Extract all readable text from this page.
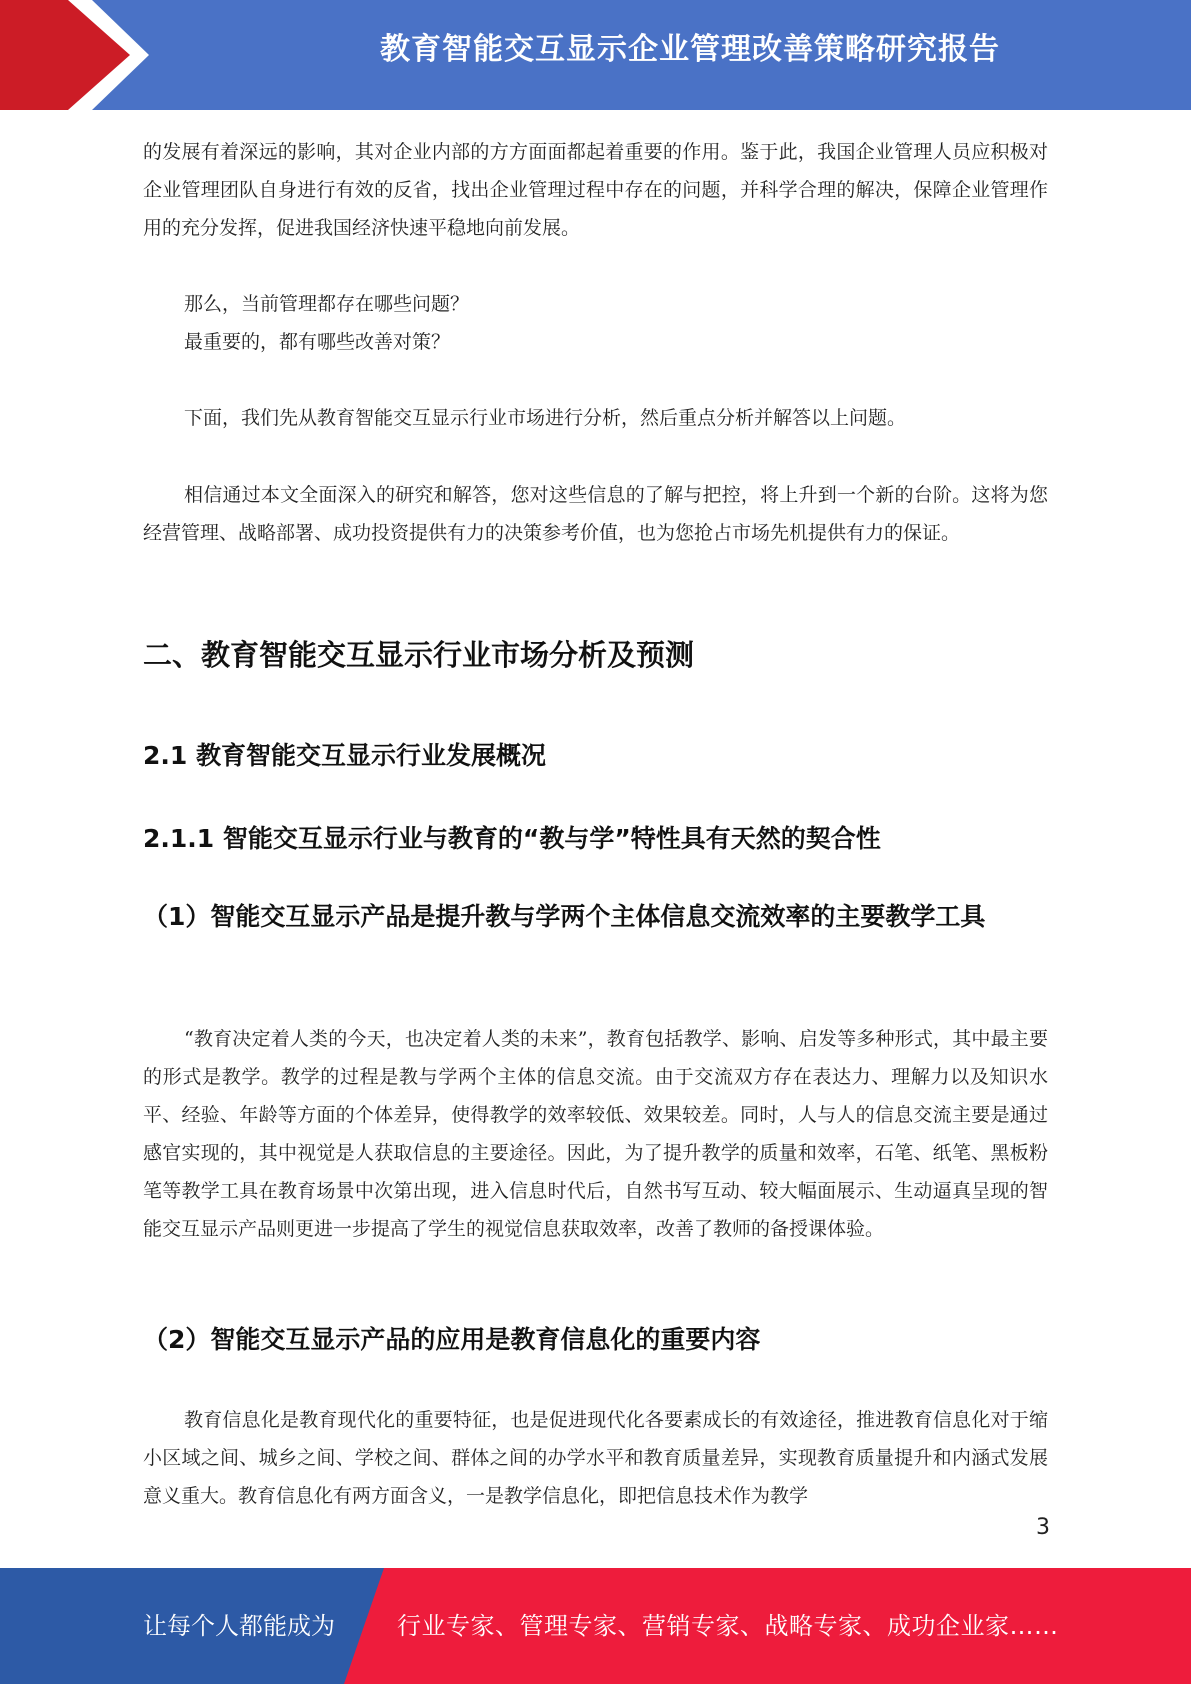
教育智能交互显示企业管理改善策略研究报告

的发展有着深远的影响，其对企业内部的方方面面都起着重要的作用。鉴于此，我国企业管理人员应积极对企业管理团队自身进行有效的反省，找出企业管理过程中存在的问题，并科学合理的解决，保障企业管理作用的充分发挥，促进我国经济快速平稳地向前发展。

那么，当前管理都存在哪些问题？

最重要的，都有哪些改善对策？

下面，我们先从教育智能交互显示行业市场进行分析，然后重点分析并解答以上问题。

相信通过本文全面深入的研究和解答，您对这些信息的了解与把控，将上升到一个新的台阶。这将为您经营管理、战略部署、成功投资提供有力的决策参考价值，也为您抢占市场先机提供有力的保证。

二、教育智能交互显示行业市场分析及预测
2.1 教育智能交互显示行业发展概况
2.1.1 智能交互显示行业与教育的“教与学”特性具有天然的契合性
（1）智能交互显示产品是提升教与学两个主体信息交流效率的主要教学工具

“教育决定着人类的今天，也决定着人类的未来”，教育包括教学、影响、启发等多种形式，其中最主要的形式是教学。教学的过程是教与学两个主体的信息交流。由于交流双方存在表达力、理解力以及知识水平、经验、年龄等方面的个体差异，使得教学的效率较低、效果较差。同时，人与人的信息交流主要是通过感官实现的，其中视觉是人获取信息的主要途径。因此，为了提升教学的质量和效率，石笔、纸笔、黑板粉笔等教学工具在教育场景中次第出现，进入信息时代后，自然书写互动、较大幅面展示、生动逼真呈现的智能交互显示产品则更进一步提高了学生的视觉信息获取效率，改善了教师的备授课体验。

（2）智能交互显示产品的应用是教育信息化的重要内容

教育信息化是教育现代化的重要特征，也是促进现代化各要素成长的有效途径，推进教育信息化对于缩小区域之间、城乡之间、学校之间、群体之间的办学水平和教育质量差异，实现教育质量提升和内涵式发展意义重大。教育信息化有两方面含义，一是教学信息化，即把信息技术作为教学

3
让每个人都能成为	行业专家、管理专家、营销专家、战略专家、成功企业家……
